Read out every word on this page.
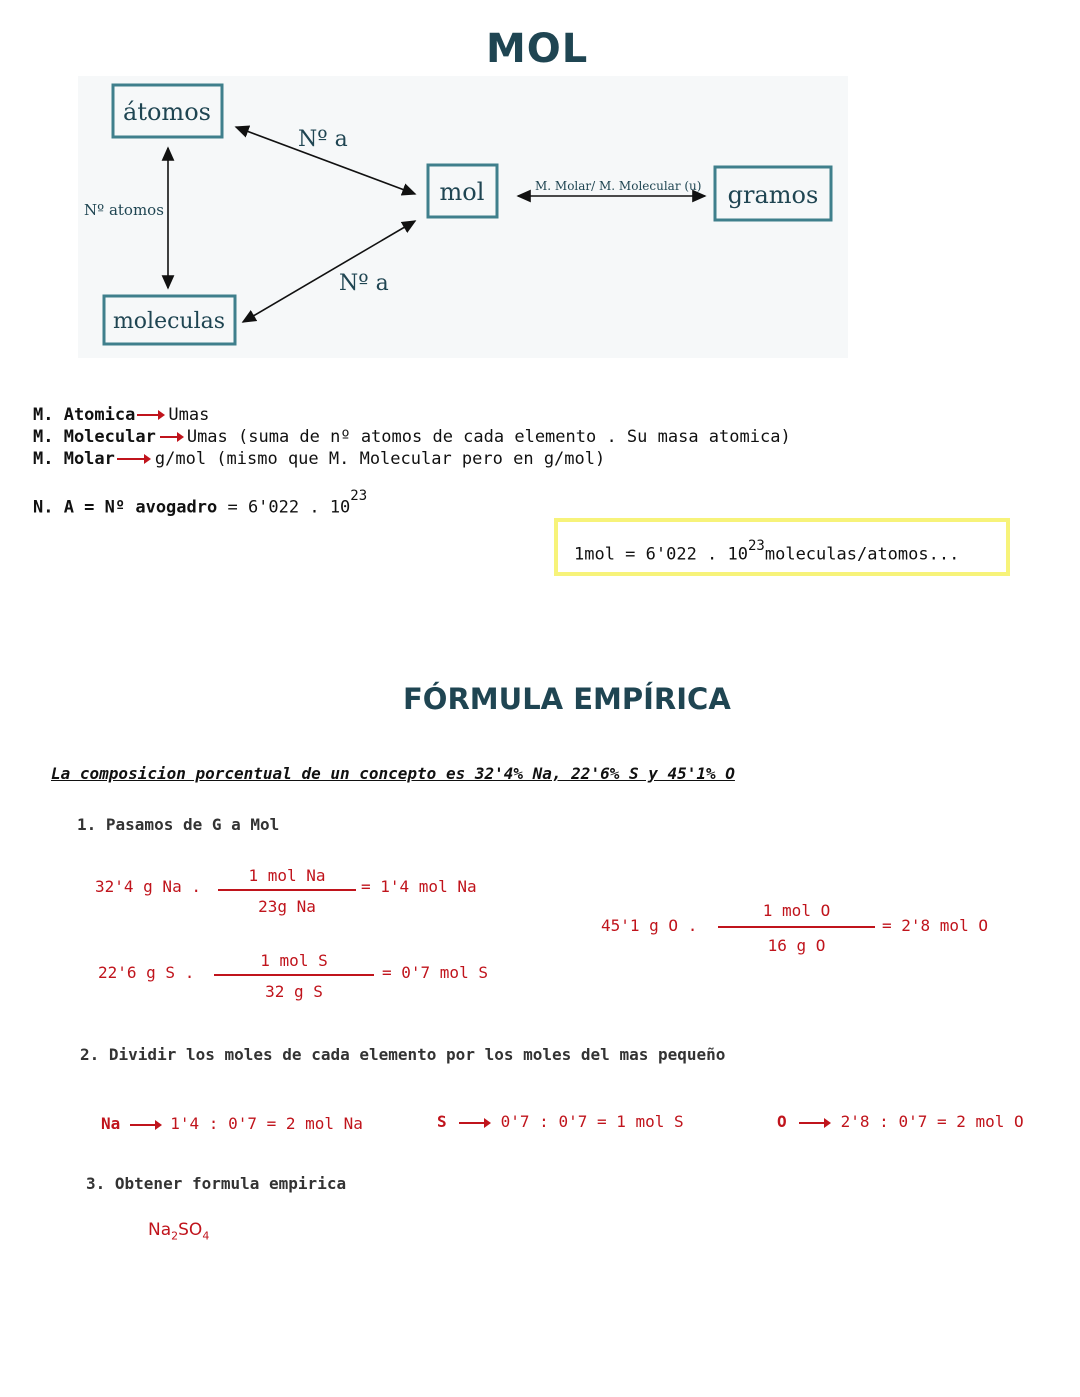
MOL
átomos
mol	gramos
moleculas
Nº a
Nº a
Nº atomos
M. Molar/ M. Molecular (u)
M. Atomica Umas
M. Molecular Umas (suma de nº atomos de cada elemento . Su masa atomica)
M. Molar g/mol (mismo que M. Molecular pero en g/mol)
N. A = Nº avogadro = 6'022 . $10^{23}$
1mol = 6'022 . $10^{23}moleculas$/atomos...
FÓRMULA EMPÍRICA
La composicion porcentual de un concepto es 32'4% Na, 22'6% S y 45'1% O
1. Pasamos de G a Mol
32'4 g Na .
1 mol Na
23g Na
= 1'4 mol Na
22'6 g S .
1 mol S
32 g S
= 0'7 mol S
45'1 g O .
1 mol O
16 g O
= 2'8 mol O
2. Dividir los moles de cada elemento por los moles del mas pequeño
Na	1'4 : 0'7 = 2 mol Na	S	0'7 : 0'7 = 1 mol S	O	2'8 : 0'7 = 2 mol O
3. Obtener formula empirica
$Na_2SO_4$
